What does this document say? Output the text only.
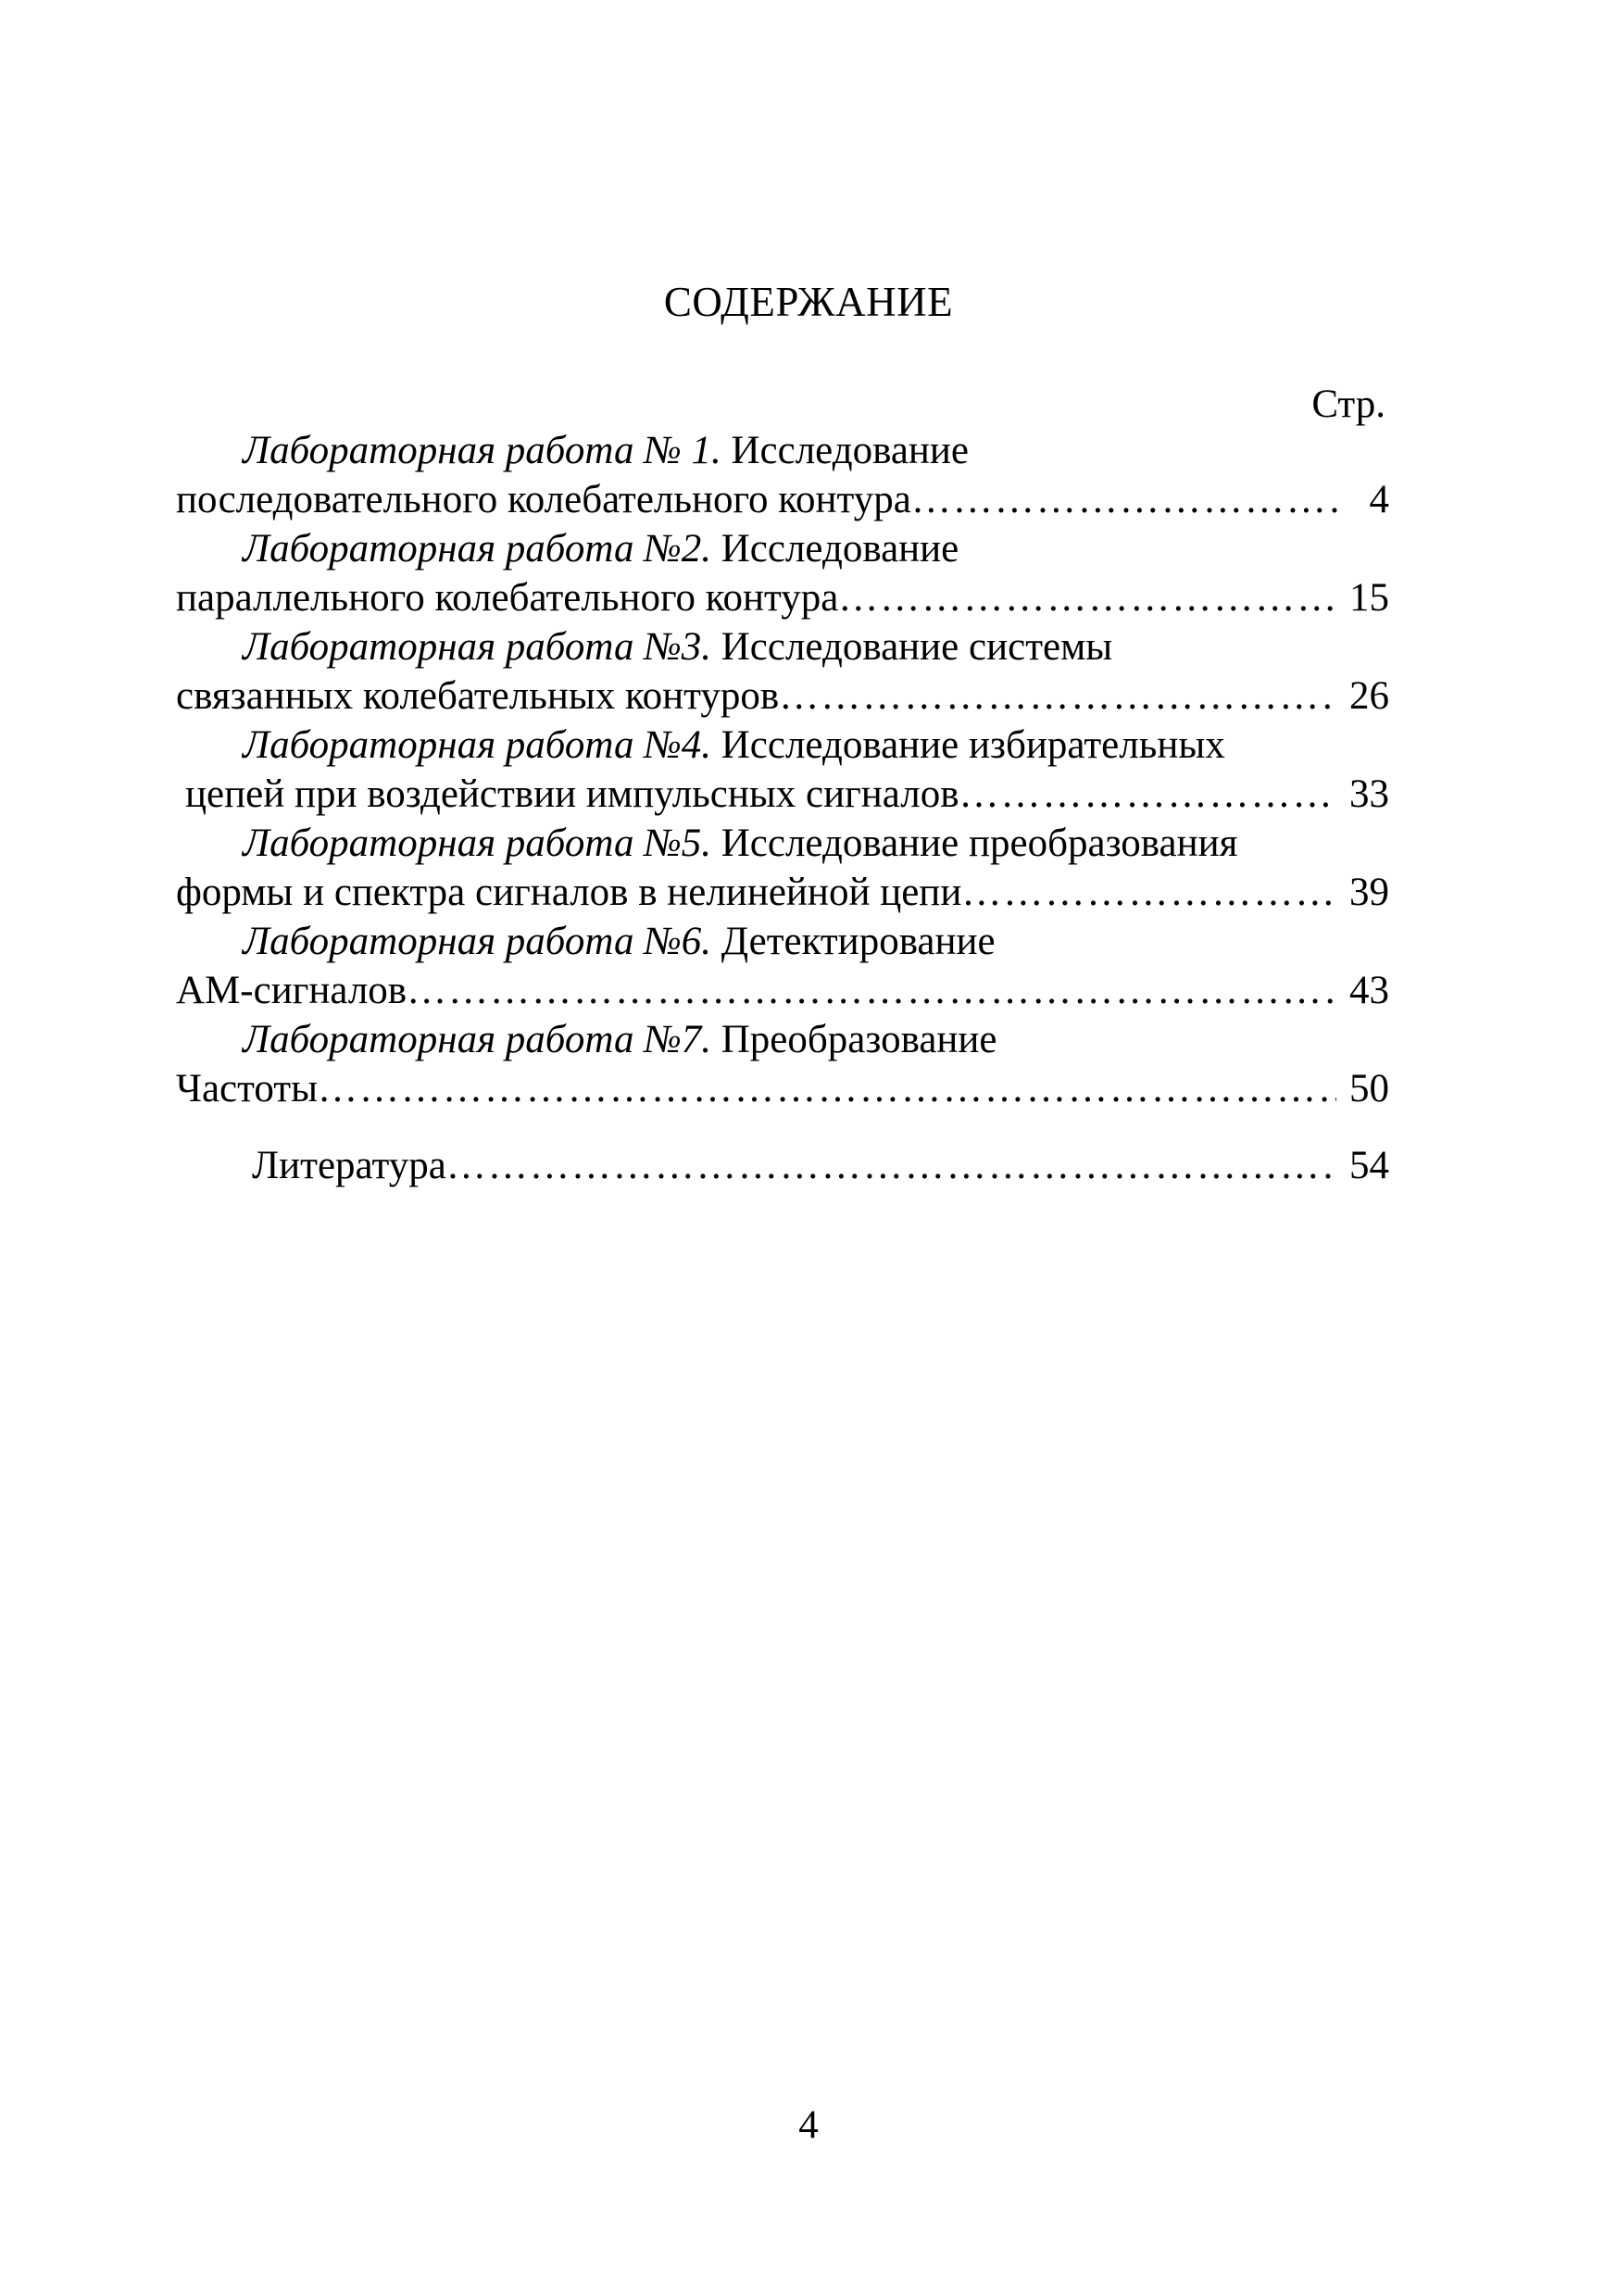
СОДЕРЖАНИЕ
Стр.
Лабораторная работа № 1. Исследование
последовательного колебательного контура ……………………………………………………………………………………………………………………………………………………	4
Лабораторная работа №2. Исследование
параллельного колебательного контура ……………………………………………………………………………………………………………………………………………………	15
Лабораторная работа №3. Исследование системы
связанных колебательных контуров ……………………………………………………………………………………………………………………………………………………	26
Лабораторная работа №4. Исследование избирательных
цепей при воздействии импульсных сигналов ……………………………………………………………………………………………………………………………………………………	33
Лабораторная работа №5. Исследование преобразования
формы и спектра сигналов в нелинейной цепи ……………………………………………………………………………………………………………………………………………………	39
Лабораторная работа №6. Детектирование
АМ-сигналов ……………………………………………………………………………………………………………………………………………………	43
Лабораторная работа №7. Преобразование
Частоты ……………………………………………………………………………………………………………………………………………………	50
Литература ……………………………………………………………………………………………………………………………………………………	54
4
